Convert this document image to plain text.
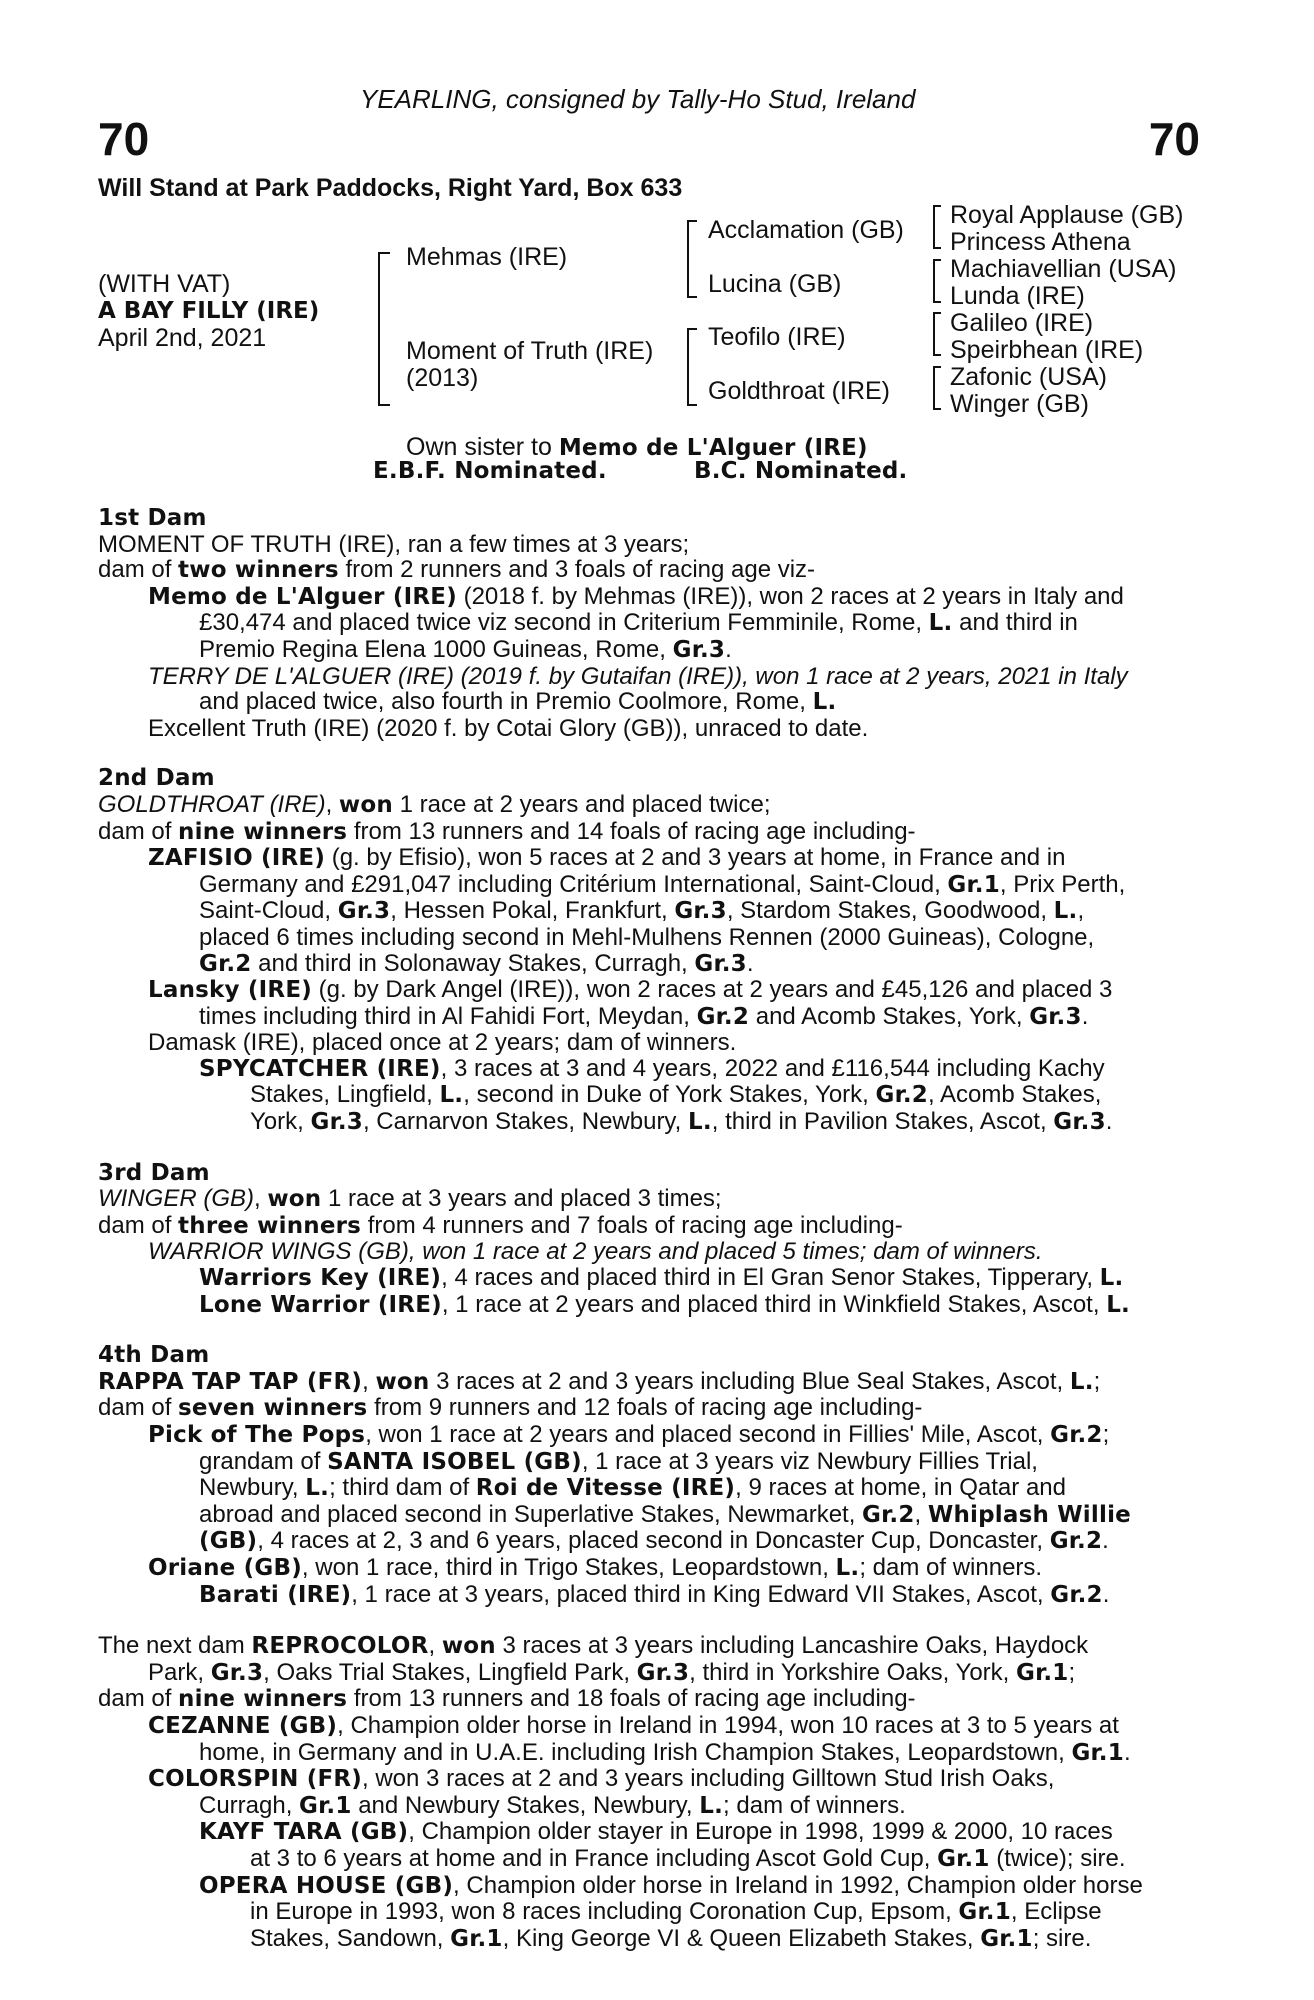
70	70
YEARLING, consigned by Tally-Ho Stud, Ireland
Will Stand at Park Paddocks, Right Yard, Box 633
(WITH VAT)
A BAY FILLY (IRE)
April 2nd, 2021
Mehmas (IRE)
Moment of Truth (IRE)
(2013)
Acclamation (GB)
Lucina (GB)
Teofilo (IRE)
Goldthroat (IRE)
Royal Applause (GB)
Princess Athena
Machiavellian (USA)
Lunda (IRE)
Galileo (IRE)
Speirbhean (IRE)
Zafonic (USA)
Winger (GB)
Own sister to Memo de L'Alguer (IRE)
E.B.F. Nominated.	B.C. Nominated.
1st Dam
MOMENT OF TRUTH (IRE), ran a few times at 3 years;
dam of two winners from 2 runners and 3 foals of racing age viz-
Memo de L'Alguer (IRE) (2018 f. by Mehmas (IRE)), won 2 races at 2 years in Italy and
£30,474 and placed twice viz second in Criterium Femminile, Rome, L. and third in
Premio Regina Elena 1000 Guineas, Rome, Gr.3.
TERRY DE L'ALGUER (IRE) (2019 f. by Gutaifan (IRE)), won 1 race at 2 years, 2021 in Italy
and placed twice, also fourth in Premio Coolmore, Rome, L.
Excellent Truth (IRE) (2020 f. by Cotai Glory (GB)), unraced to date.
2nd Dam
GOLDTHROAT (IRE), won 1 race at 2 years and placed twice;
dam of nine winners from 13 runners and 14 foals of racing age including-
ZAFISIO (IRE) (g. by Efisio), won 5 races at 2 and 3 years at home, in France and in
Germany and £291,047 including Critérium International, Saint-Cloud, Gr.1, Prix Perth,
Saint-Cloud, Gr.3, Hessen Pokal, Frankfurt, Gr.3, Stardom Stakes, Goodwood, L.,
placed 6 times including second in Mehl-Mulhens Rennen (2000 Guineas), Cologne,
Gr.2 and third in Solonaway Stakes, Curragh, Gr.3.
Lansky (IRE) (g. by Dark Angel (IRE)), won 2 races at 2 years and £45,126 and placed 3
times including third in Al Fahidi Fort, Meydan, Gr.2 and Acomb Stakes, York, Gr.3.
Damask (IRE), placed once at 2 years; dam of winners.
SPYCATCHER (IRE), 3 races at 3 and 4 years, 2022 and £116,544 including Kachy
Stakes, Lingfield, L., second in Duke of York Stakes, York, Gr.2, Acomb Stakes,
York, Gr.3, Carnarvon Stakes, Newbury, L., third in Pavilion Stakes, Ascot, Gr.3.
3rd Dam
WINGER (GB), won 1 race at 3 years and placed 3 times;
dam of three winners from 4 runners and 7 foals of racing age including-
WARRIOR WINGS (GB), won 1 race at 2 years and placed 5 times; dam of winners.
Warriors Key (IRE), 4 races and placed third in El Gran Senor Stakes, Tipperary, L.
Lone Warrior (IRE), 1 race at 2 years and placed third in Winkfield Stakes, Ascot, L.
4th Dam
RAPPA TAP TAP (FR), won 3 races at 2 and 3 years including Blue Seal Stakes, Ascot, L.;
dam of seven winners from 9 runners and 12 foals of racing age including-
Pick of The Pops, won 1 race at 2 years and placed second in Fillies' Mile, Ascot, Gr.2;
grandam of SANTA ISOBEL (GB), 1 race at 3 years viz Newbury Fillies Trial,
Newbury, L.; third dam of Roi de Vitesse (IRE), 9 races at home, in Qatar and
abroad and placed second in Superlative Stakes, Newmarket, Gr.2, Whiplash Willie
(GB), 4 races at 2, 3 and 6 years, placed second in Doncaster Cup, Doncaster, Gr.2.
Oriane (GB), won 1 race, third in Trigo Stakes, Leopardstown, L.; dam of winners.
Barati (IRE), 1 race at 3 years, placed third in King Edward VII Stakes, Ascot, Gr.2.
The next dam REPROCOLOR, won 3 races at 3 years including Lancashire Oaks, Haydock
Park, Gr.3, Oaks Trial Stakes, Lingfield Park, Gr.3, third in Yorkshire Oaks, York, Gr.1;
dam of nine winners from 13 runners and 18 foals of racing age including-
CEZANNE (GB), Champion older horse in Ireland in 1994, won 10 races at 3 to 5 years at
home, in Germany and in U.A.E. including Irish Champion Stakes, Leopardstown, Gr.1.
COLORSPIN (FR), won 3 races at 2 and 3 years including Gilltown Stud Irish Oaks,
Curragh, Gr.1 and Newbury Stakes, Newbury, L.; dam of winners.
KAYF TARA (GB), Champion older stayer in Europe in 1998, 1999 & 2000, 10 races
at 3 to 6 years at home and in France including Ascot Gold Cup, Gr.1 (twice); sire.
OPERA HOUSE (GB), Champion older horse in Ireland in 1992, Champion older horse
in Europe in 1993, won 8 races including Coronation Cup, Epsom, Gr.1, Eclipse
Stakes, Sandown, Gr.1, King George VI & Queen Elizabeth Stakes, Gr.1; sire.
